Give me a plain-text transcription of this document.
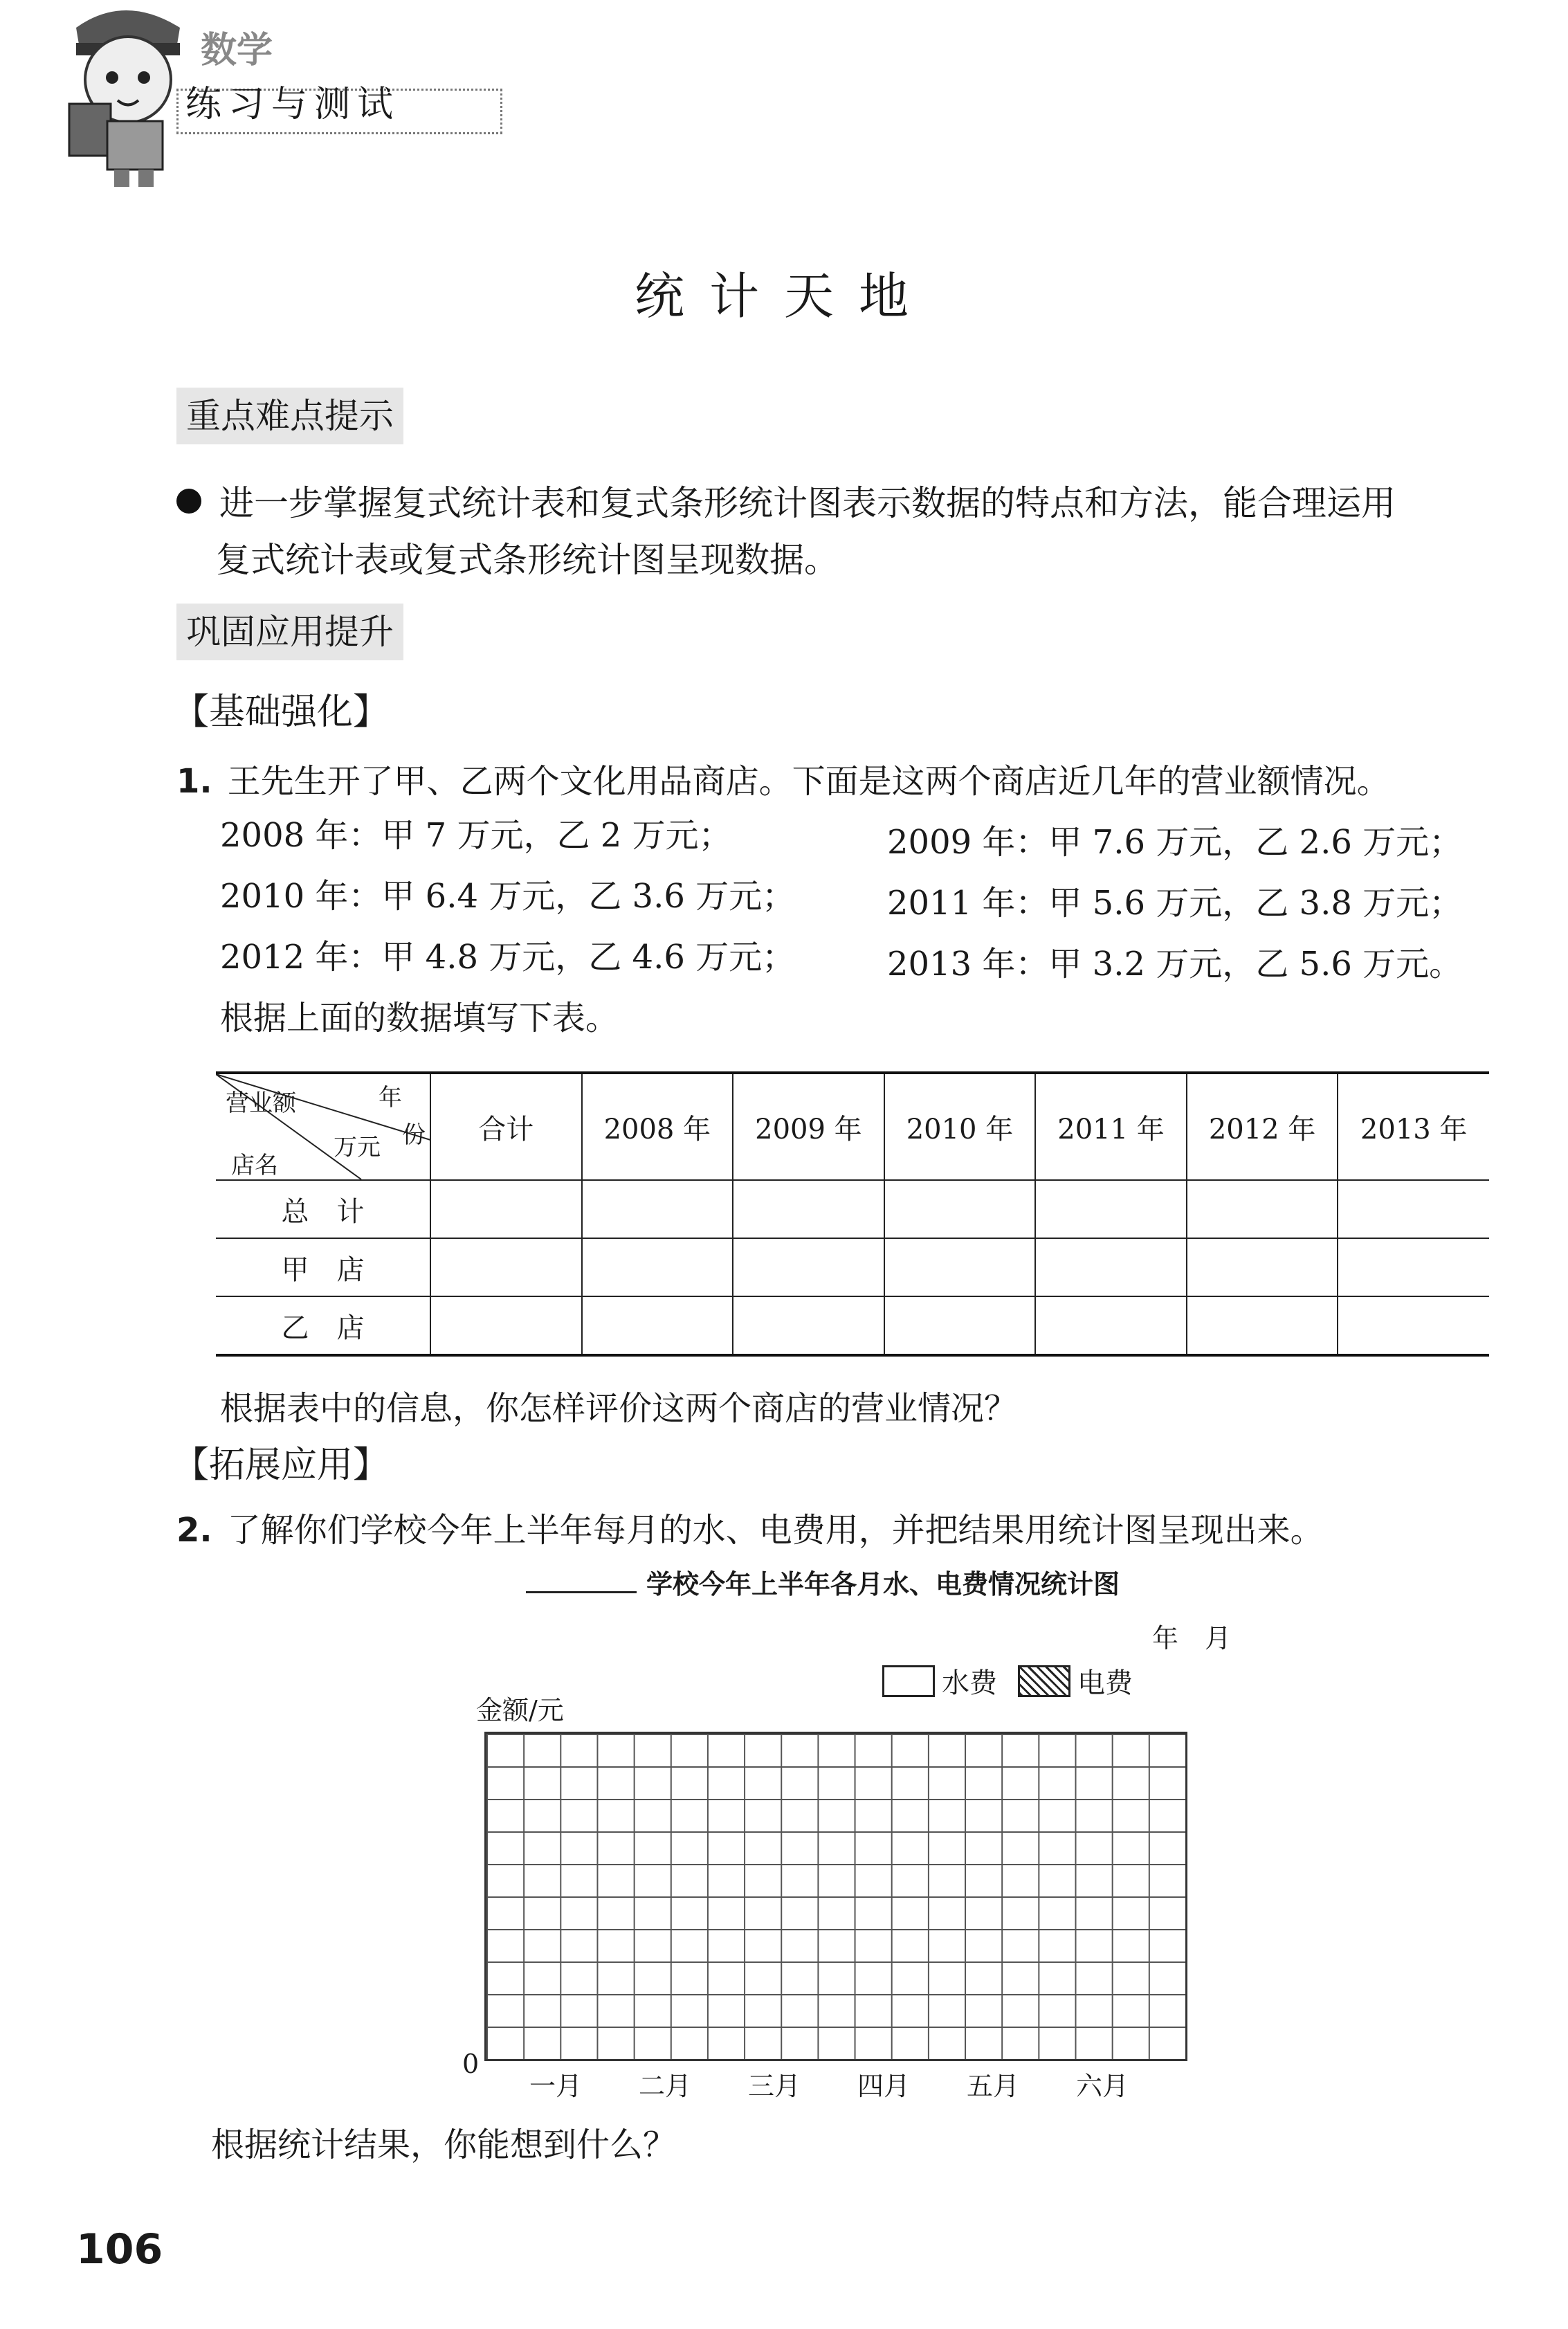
数学
练习与测试
统计天地
重点难点提示
进一步掌握复式统计表和复式条形统计图表示数据的特点和方法，能合理运用
复式统计表或复式条形统计图呈现数据。
巩固应用提升
【基础强化】
1. 王先生开了甲、乙两个文化用品商店。下面是这两个商店近几年的营业额情况。
2008 年：甲 7 万元，乙 2 万元；	2009 年：甲 7.6 万元，乙 2.6 万元；
2010 年：甲 6.4 万元，乙 3.6 万元；	2011 年：甲 5.6 万元，乙 3.8 万元；
2012 年：甲 4.8 万元，乙 4.6 万元；	2013 年：甲 3.2 万元，乙 5.6 万元。
根据上面的数据填写下表。
年
份
营业额
万元
店名	合计	2008 年	2009 年	2010 年	2011 年	2012 年	2013 年
总　计							
甲　店							
乙　店							
根据表中的信息，你怎样评价这两个商店的营业情况？
【拓展应用】
2. 了解你们学校今年上半年每月的水、电费用，并把结果用统计图呈现出来。
学校今年上半年各月水、电费情况统计图
年　月
水费	电费
金额/元
0
一月	二月	三月	四月	五月	六月
根据统计结果，你能想到什么？
106
